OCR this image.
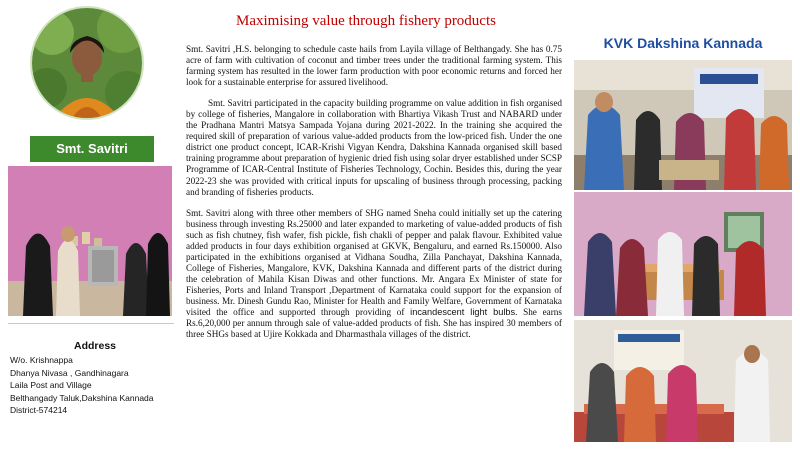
Smt. Savitri
Address
W/o. Krishnappa
Dhanya Nivasa , Gandhinagara
Laila Post and Village
Belthangady Taluk,Dakshina Kannada
District-574214
Maximising value through fishery products

Smt. Savitri ,H.S. belonging to schedule caste hails from Layila village of Belthangady. She has 0.75 acre of farm with cultivation of coconut and timber trees under the traditional farming system. This farming system has resulted in the lower farm production with poor economic returns and forced her look for a sustainable enterprise for assured livelihood.

Smt. Savitri participated in the capacity building programme on value addition in fish organised by college of fisheries, Mangalore in collaboration with Bhartiya Vikash Trust and NABARD under the Pradhana Mantri Matsya Sampada Yojana during 2021-2022. In the training she acquired the required skill of preparation of various value-added products from the low-priced fish. Under the one district one product concept, ICAR-Krishi Vigyan Kendra, Dakshina Kannada organised skill based training programme about preparation of hygienic dried fish using solar dryer established under SCSP Programme of ICAR-Central Institute of Fisheries Technology, Cochin. Besides this, during the year 2022-23 she was provided with critical inputs for upscaling of business through processing, packing and branding of fisheries products.

Smt. Savitri along with three other members of SHG named Sneha could initially set up the catering business through investing Rs.25000 and later expanded to marketing of value-added products of fish such as fish chutney, fish wafer, fish pickle, fish chakli of pepper and palak flavour. Exhibited value added products in four days exhibition organised at GKVK, Bengaluru, and earned Rs.150000. Also participated in the exhibitions organised at Vidhana Soudha, Zilla Panchayat, Dakshina Kannada, College of Fisheries, Mangalore, KVK, Dakshina Kannada and different parts of the district during the celebration of Mahila Kisan Diwas and other functions. Mr. Angara Ex Minister of state for Fisheries, Ports and Inland Transport ,Department of Karnataka could support for the expansion of business. Mr. Dinesh Gundu Rao, Minister for Health and Family Welfare, Government of Karnataka visited the office and supported through providing of incandescent light bulbs. She earns Rs.6,20,000 per annum through sale of value-added products of fish. She has inspired 30 members of three SHGs based at Ujire Kokkada and Dharmasthala villages of the district.

KVK Dakshina Kannada
